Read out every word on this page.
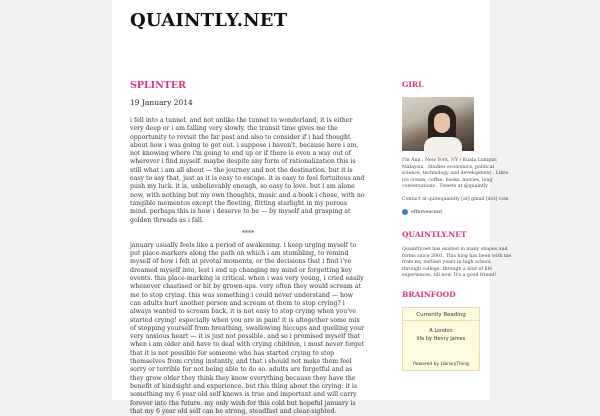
QUAINTLY.NET
SPLINTER
19 January 2014

i fell into a tunnel. and not unlike the tunnel to wonderland, it is either very deep or i am falling very slowly. the transit time gives me the opportunity to revisit the far past and also to consider if i had thought about how i was going to get out. i suppose i haven't, because here i am, not knowing where i'm going to end up or if there is even a way out of wherever i find myself. maybe despite any form of rationalization this is still what i am all about — the journey and not the destination. but it is easy to say that, just as it is easy to escape. it is easy to feel fortuitous and push my luck. it is, unbelievably enough, so easy to love. but i am alone now, with nothing but my own thoughts, music and a book i chose, with no tangible mementos except the fleeting, flitting starlight in my porous mind. perhaps this is how i deserve to be — by myself and grasping at golden threads as i fall.

****

january usually feels like a period of awakening. i keep urging myself to put place-markers along the path on which i am stumbling, to remind myself of how i felt at pivotal moments, or the decisions that i find i've dreamed myself into, lest i end up changing my mind or forgetting key events. this place-marking is critical. when i was very young, i cried easily whenever chastised or hit by grown-ups. very often they would scream at me to stop crying. this was something i could never understand — how can adults hurt another person and scream at them to stop crying? i always wanted to scream back, it is not easy to stop crying when you've started crying! especially when you are in pain! it is altogether some mix of stopping yourself from breathing, swallowing hiccups and quelling your very anxious heart — it is just not possible. and so i promised myself that when i am older and have to deal with crying children, i must never forget that it is not possible for someone who has started crying to stop themselves from crying instantly, and that i should not make them feel sorry or terrible for not being able to do so. adults are forgetful and as they grow older they think they know everything because they have the benefit of hindsight and experience. but this thing about the crying: it is something my 6 year old self knows is true and important and will carry forever into the future. my only wish for this cold but hopeful january is that my 6 year old self can be strong, steadfast and clear-sighted.

GIRL
I'm Ann . New York, NY / Kuala Lumpur, Malaysia . Studies economics, political science, technology and development . Likes ice cream, coffee, books, movies, long conversations . Tweets at @quaintly
Contact at quitequaintly [at] gmail [dot] com
effervescent
QUAINTLY.NET
Quaintly.net has existed in many shapes and forms since 2001. This blog has been with me from my earliest years in high school, through college, through a blur of life experiences, till now. It's a good friend!
BRAINFOOD
Currently Reading
A London
life by Henry James
Powered by LibraryThing
